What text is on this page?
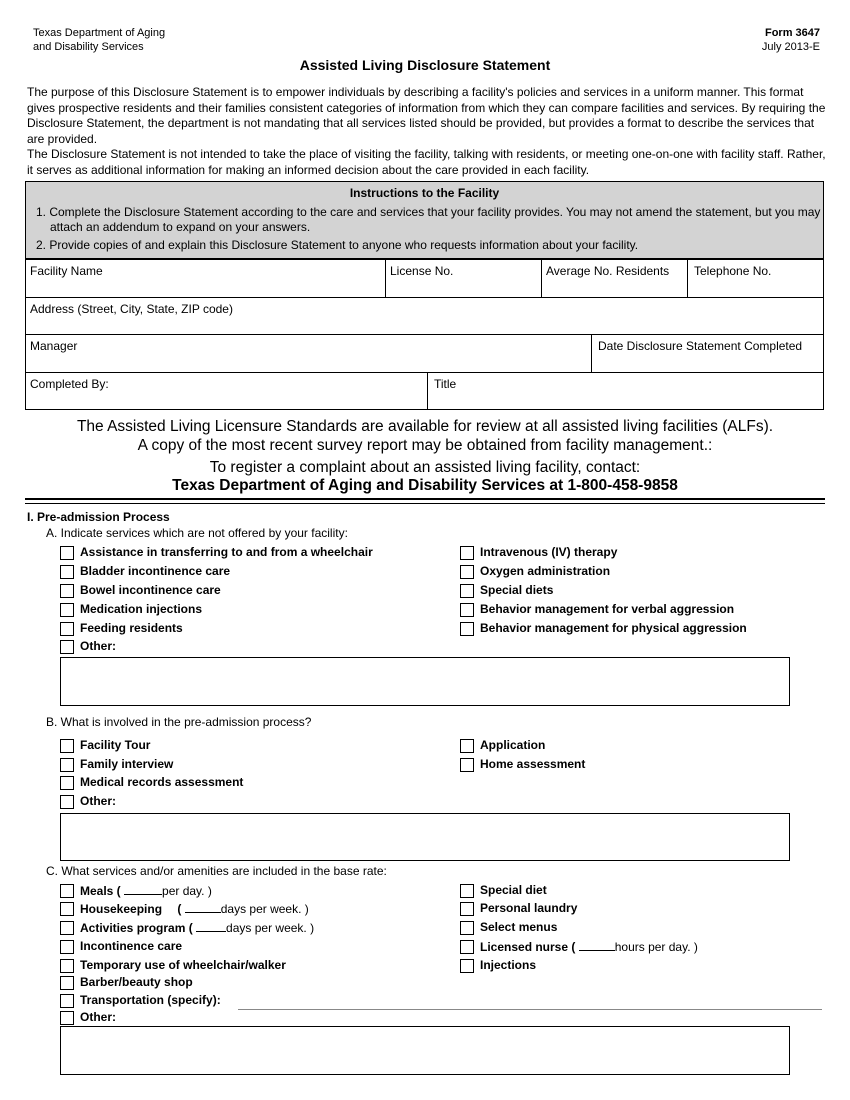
Texas Department of Aging
and Disability Services
Form 3647
July 2013-E
Assisted Living Disclosure Statement

The purpose of this Disclosure Statement is to empower individuals by describing a facility's policies and services in a uniform manner. This format gives prospective residents and their families consistent categories of information from which they can compare facilities and services. By requiring the Disclosure Statement, the department is not mandating that all services listed should be provided, but provides a format to describe the services that are provided.

The Disclosure Statement is not intended to take the place of visiting the facility, talking with residents, or meeting one-on-one with facility staff. Rather, it serves as additional information for making an informed decision about the care provided in each facility.

Instructions to the Facility
1. Complete the Disclosure Statement according to the care and services that your facility provides. You may not amend the statement, but you may attach an addendum to expand on your answers.
2. Provide copies of and explain this Disclosure Statement to anyone who requests information about your facility.
Facility Name	License No.	Average No. Residents	Telephone No.
Address (Street, City, State, ZIP code)
Manager	Date Disclosure Statement Completed
Completed By:	Title
The Assisted Living Licensure Standards are available for review at all assisted living facilities (ALFs).
A copy of the most recent survey report may be obtained from facility management.:
To register a complaint about an assisted living facility, contact:
Texas Department of Aging and Disability Services at 1-800-458-9858
I. Pre-admission Process
A. Indicate services which are not offered by your facility:
Assistance in transferring to and from a wheelchair
Bladder incontinence care
Bowel incontinence care
Medication injections
Feeding residents
Other:
Intravenous (IV) therapy
Oxygen administration
Special diets
Behavior management for verbal aggression
Behavior management for physical aggression
B. What is involved in the pre-admission process?
Facility Tour
Family interview
Medical records assessment
Other:
Application
Home assessment
C. What services and/or amenities are included in the base rate:
Meals (	per day. )
Housekeeping (	days per week. )
Activities program (	days per week. )
Incontinence care
Temporary use of wheelchair/walker
Barber/beauty shop
Transportation (specify):
Other:
Special diet
Personal laundry
Select menus
Licensed nurse (	hours per day. )
Injections
